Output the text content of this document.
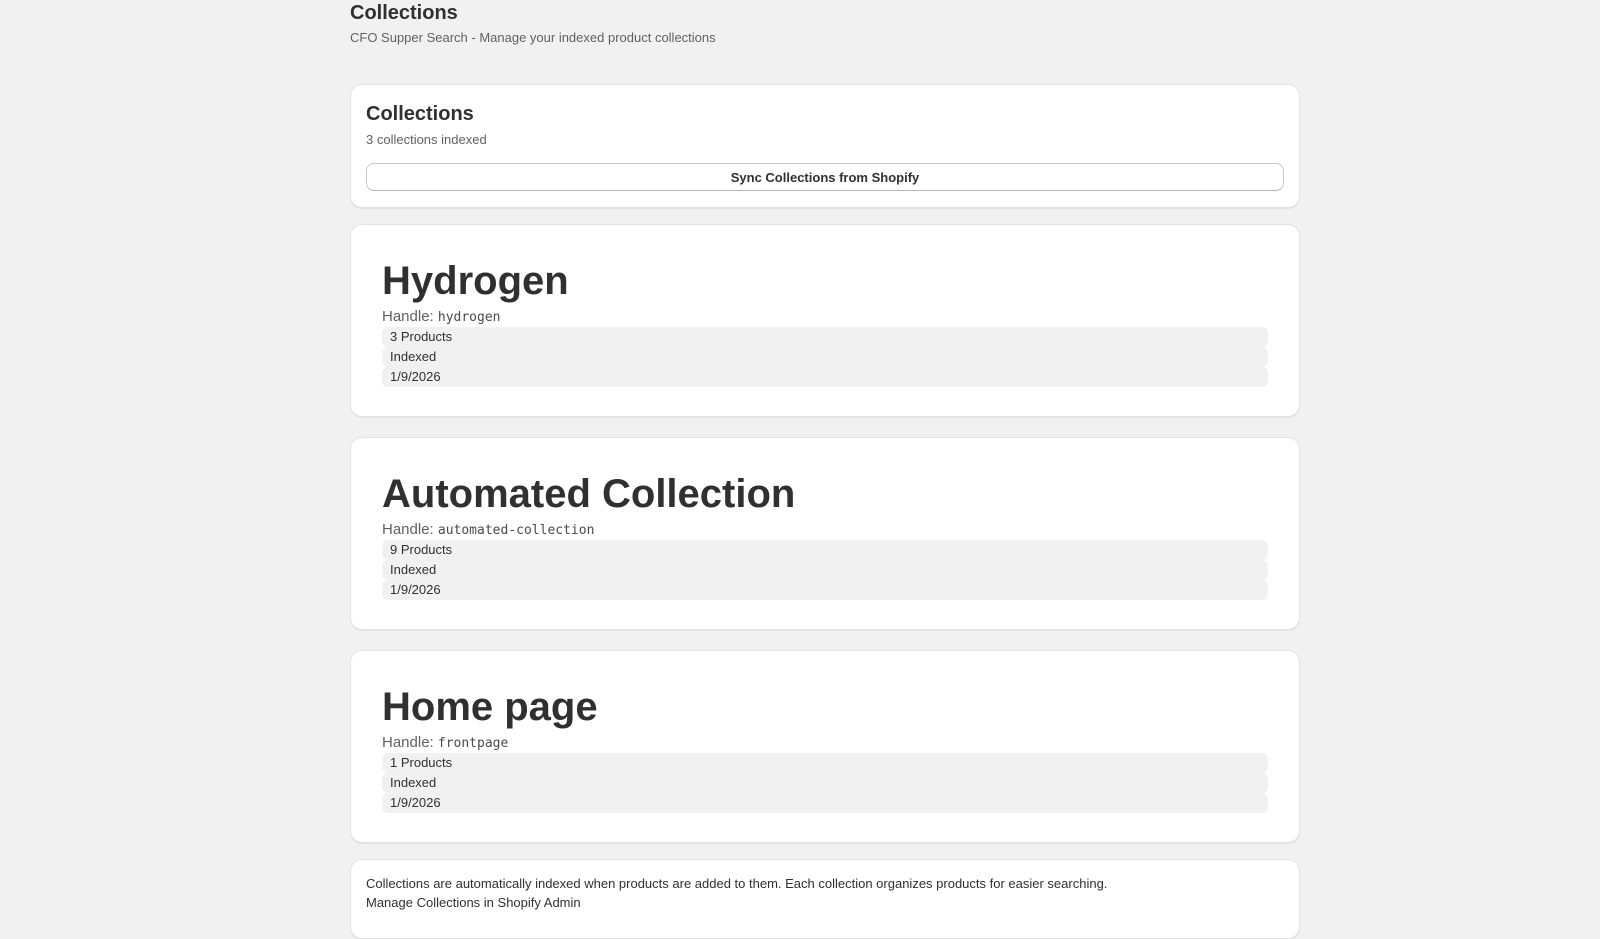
Collections
CFO Supper Search - Manage your indexed product collections
Collections
3 collections indexed
Sync Collections from Shopify
Hydrogen
Handle: hydrogen
3 Products
Indexed
1/9/2026
Automated Collection
Handle: automated-collection
9 Products
Indexed
1/9/2026
Home page
Handle: frontpage
1 Products
Indexed
1/9/2026
Collections are automatically indexed when products are added to them. Each collection organizes products for easier searching.
Manage Collections in Shopify Admin
